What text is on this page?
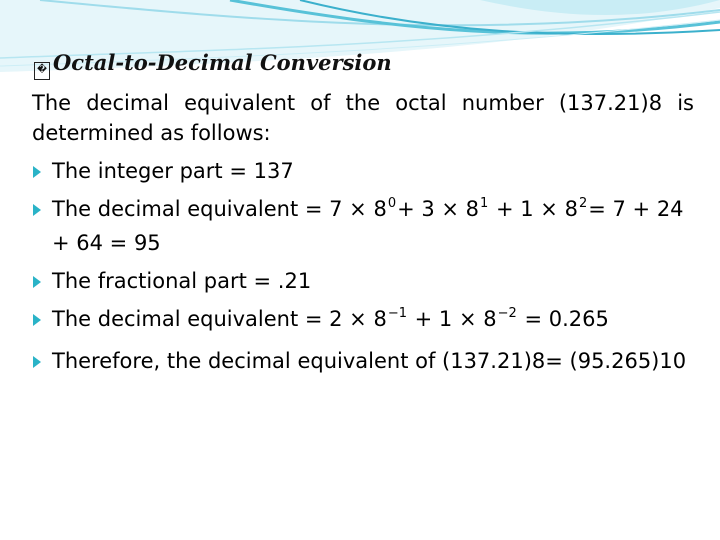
� Octal-to-Decimal Conversion

The decimal equivalent of the octal number (137.21)8 is determined as follows:

The integer part = 137
The decimal equivalent = $7 \times 8^0+ 3 \times 8^1 + 1 \times 8^2= 7 + 24 + 64 = 95$
The fractional part = .21
The decimal equivalent = $2 \times 8^{-1} + 1 \times 8^{-2} = 0.265$
Therefore, the decimal equivalent of (137.21)8= (95.265)10
